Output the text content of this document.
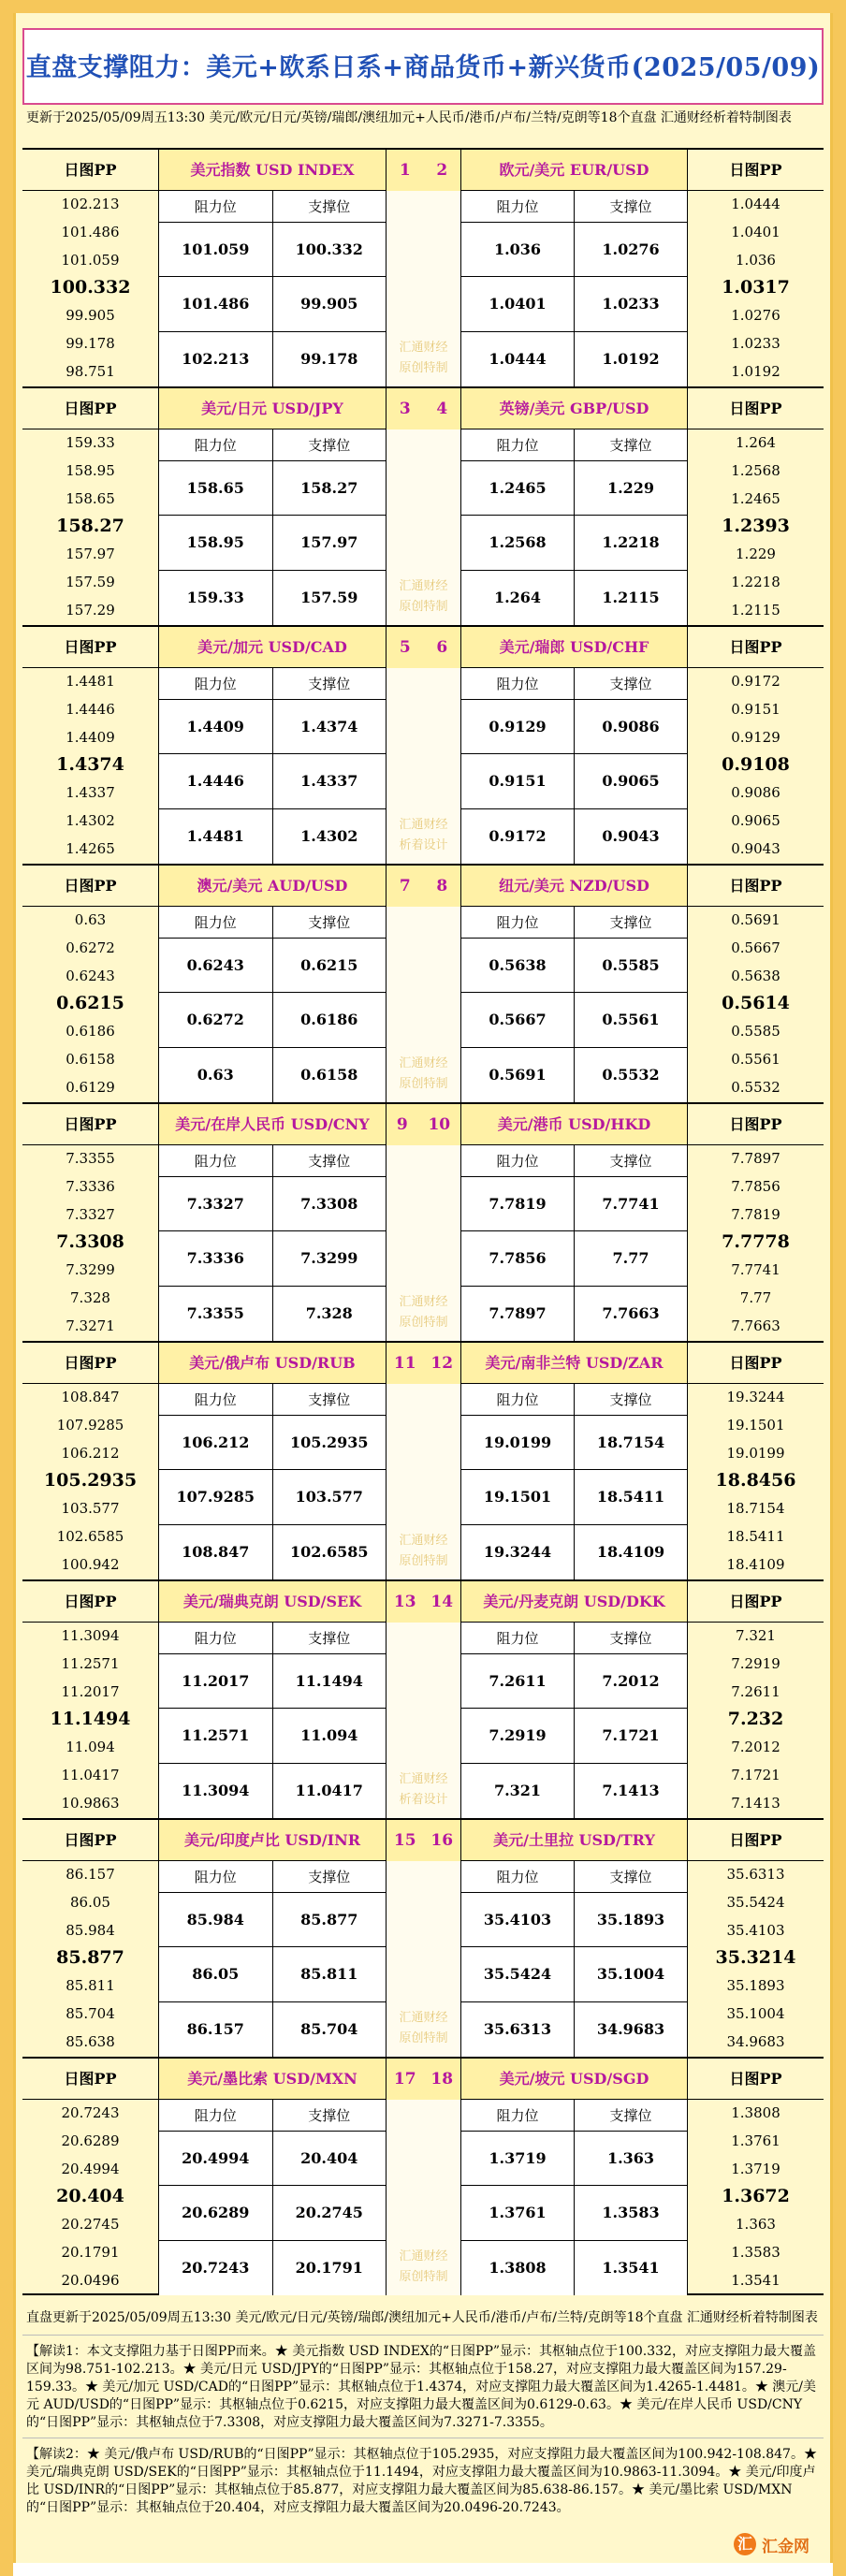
直盘支撑阻力：美元+欧系日系+商品货币+新兴货币(2025/05/09)
更新于2025/05/09周五13:30 美元/欧元/日元/英镑/瑞郎/澳纽加元+人民币/港币/卢布/兰特/克朗等18个直盘 汇通财经析着特制图表
日图PP
102.213
101.486
101.059
100.332
99.905
99.178
98.751
美元指数 USD INDEX
阻力位	支撑位
101.059	100.332
101.486	99.905
102.213	99.178
1 2
汇通财经
原创特制
欧元/美元 EUR/USD
阻力位	支撑位
1.036	1.0276
1.0401	1.0233
1.0444	1.0192
日图PP
1.0444
1.0401
1.036
1.0317
1.0276
1.0233
1.0192
日图PP
159.33
158.95
158.65
158.27
157.97
157.59
157.29
美元/日元 USD/JPY
阻力位	支撑位
158.65	158.27
158.95	157.97
159.33	157.59
3 4
汇通财经
原创特制
英镑/美元 GBP/USD
阻力位	支撑位
1.2465	1.229
1.2568	1.2218
1.264	1.2115
日图PP
1.264
1.2568
1.2465
1.2393
1.229
1.2218
1.2115
日图PP
1.4481
1.4446
1.4409
1.4374
1.4337
1.4302
1.4265
美元/加元 USD/CAD
阻力位	支撑位
1.4409	1.4374
1.4446	1.4337
1.4481	1.4302
5 6
汇通财经
析着设计
美元/瑞郎 USD/CHF
阻力位	支撑位
0.9129	0.9086
0.9151	0.9065
0.9172	0.9043
日图PP
0.9172
0.9151
0.9129
0.9108
0.9086
0.9065
0.9043
日图PP
0.63
0.6272
0.6243
0.6215
0.6186
0.6158
0.6129
澳元/美元 AUD/USD
阻力位	支撑位
0.6243	0.6215
0.6272	0.6186
0.63	0.6158
7 8
汇通财经
原创特制
纽元/美元 NZD/USD
阻力位	支撑位
0.5638	0.5585
0.5667	0.5561
0.5691	0.5532
日图PP
0.5691
0.5667
0.5638
0.5614
0.5585
0.5561
0.5532
日图PP
7.3355
7.3336
7.3327
7.3308
7.3299
7.328
7.3271
美元/在岸人民币 USD/CNY
阻力位	支撑位
7.3327	7.3308
7.3336	7.3299
7.3355	7.328
9 10
汇通财经
原创特制
美元/港币 USD/HKD
阻力位	支撑位
7.7819	7.7741
7.7856	7.77
7.7897	7.7663
日图PP
7.7897
7.7856
7.7819
7.7778
7.7741
7.77
7.7663
日图PP
108.847
107.9285
106.212
105.2935
103.577
102.6585
100.942
美元/俄卢布 USD/RUB
阻力位	支撑位
106.212	105.2935
107.9285	103.577
108.847	102.6585
11 12
汇通财经
原创特制
美元/南非兰特 USD/ZAR
阻力位	支撑位
19.0199	18.7154
19.1501	18.5411
19.3244	18.4109
日图PP
19.3244
19.1501
19.0199
18.8456
18.7154
18.5411
18.4109
日图PP
11.3094
11.2571
11.2017
11.1494
11.094
11.0417
10.9863
美元/瑞典克朗 USD/SEK
阻力位	支撑位
11.2017	11.1494
11.2571	11.094
11.3094	11.0417
13 14
汇通财经
析着设计
美元/丹麦克朗 USD/DKK
阻力位	支撑位
7.2611	7.2012
7.2919	7.1721
7.321	7.1413
日图PP
7.321
7.2919
7.2611
7.232
7.2012
7.1721
7.1413
日图PP
86.157
86.05
85.984
85.877
85.811
85.704
85.638
美元/印度卢比 USD/INR
阻力位	支撑位
85.984	85.877
86.05	85.811
86.157	85.704
15 16
汇通财经
原创特制
美元/土里拉 USD/TRY
阻力位	支撑位
35.4103	35.1893
35.5424	35.1004
35.6313	34.9683
日图PP
35.6313
35.5424
35.4103
35.3214
35.1893
35.1004
34.9683
日图PP
20.7243
20.6289
20.4994
20.404
20.2745
20.1791
20.0496
美元/墨比索 USD/MXN
阻力位	支撑位
20.4994	20.404
20.6289	20.2745
20.7243	20.1791
17 18
汇通财经
原创特制
美元/坡元 USD/SGD
阻力位	支撑位
1.3719	1.363
1.3761	1.3583
1.3808	1.3541
日图PP
1.3808
1.3761
1.3719
1.3672
1.363
1.3583
1.3541
直盘更新于2025/05/09周五13:30 美元/欧元/日元/英镑/瑞郎/澳纽加元+人民币/港币/卢布/兰特/克朗等18个直盘 汇通财经析着特制图表
【解读1：本文支撑阻力基于日图PP而来。★ 美元指数 USD INDEX的“日图PP”显示：其枢轴点位于100.332，对应支撑阻力最大覆盖区间为98.751-102.213。★ 美元/日元 USD/JPY的“日图PP”显示：其枢轴点位于158.27，对应支撑阻力最大覆盖区间为157.29-159.33。★ 美元/加元 USD/CAD的“日图PP”显示：其枢轴点位于1.4374，对应支撑阻力最大覆盖区间为1.4265-1.4481。★ 澳元/美元 AUD/USD的“日图PP”显示：其枢轴点位于0.6215，对应支撑阻力最大覆盖区间为0.6129-0.63。★ 美元/在岸人民币 USD/CNY的“日图PP”显示：其枢轴点位于7.3308，对应支撑阻力最大覆盖区间为7.3271-7.3355。
【解读2：★ 美元/俄卢布 USD/RUB的“日图PP”显示：其枢轴点位于105.2935，对应支撑阻力最大覆盖区间为100.942-108.847。★ 美元/瑞典克朗 USD/SEK的“日图PP”显示：其枢轴点位于11.1494，对应支撑阻力最大覆盖区间为10.9863-11.3094。★ 美元/印度卢比 USD/INR的“日图PP”显示：其枢轴点位于85.877，对应支撑阻力最大覆盖区间为85.638-86.157。★ 美元/墨比索 USD/MXN的“日图PP”显示：其枢轴点位于20.404，对应支撑阻力最大覆盖区间为20.0496-20.7243。
汇 汇金网
